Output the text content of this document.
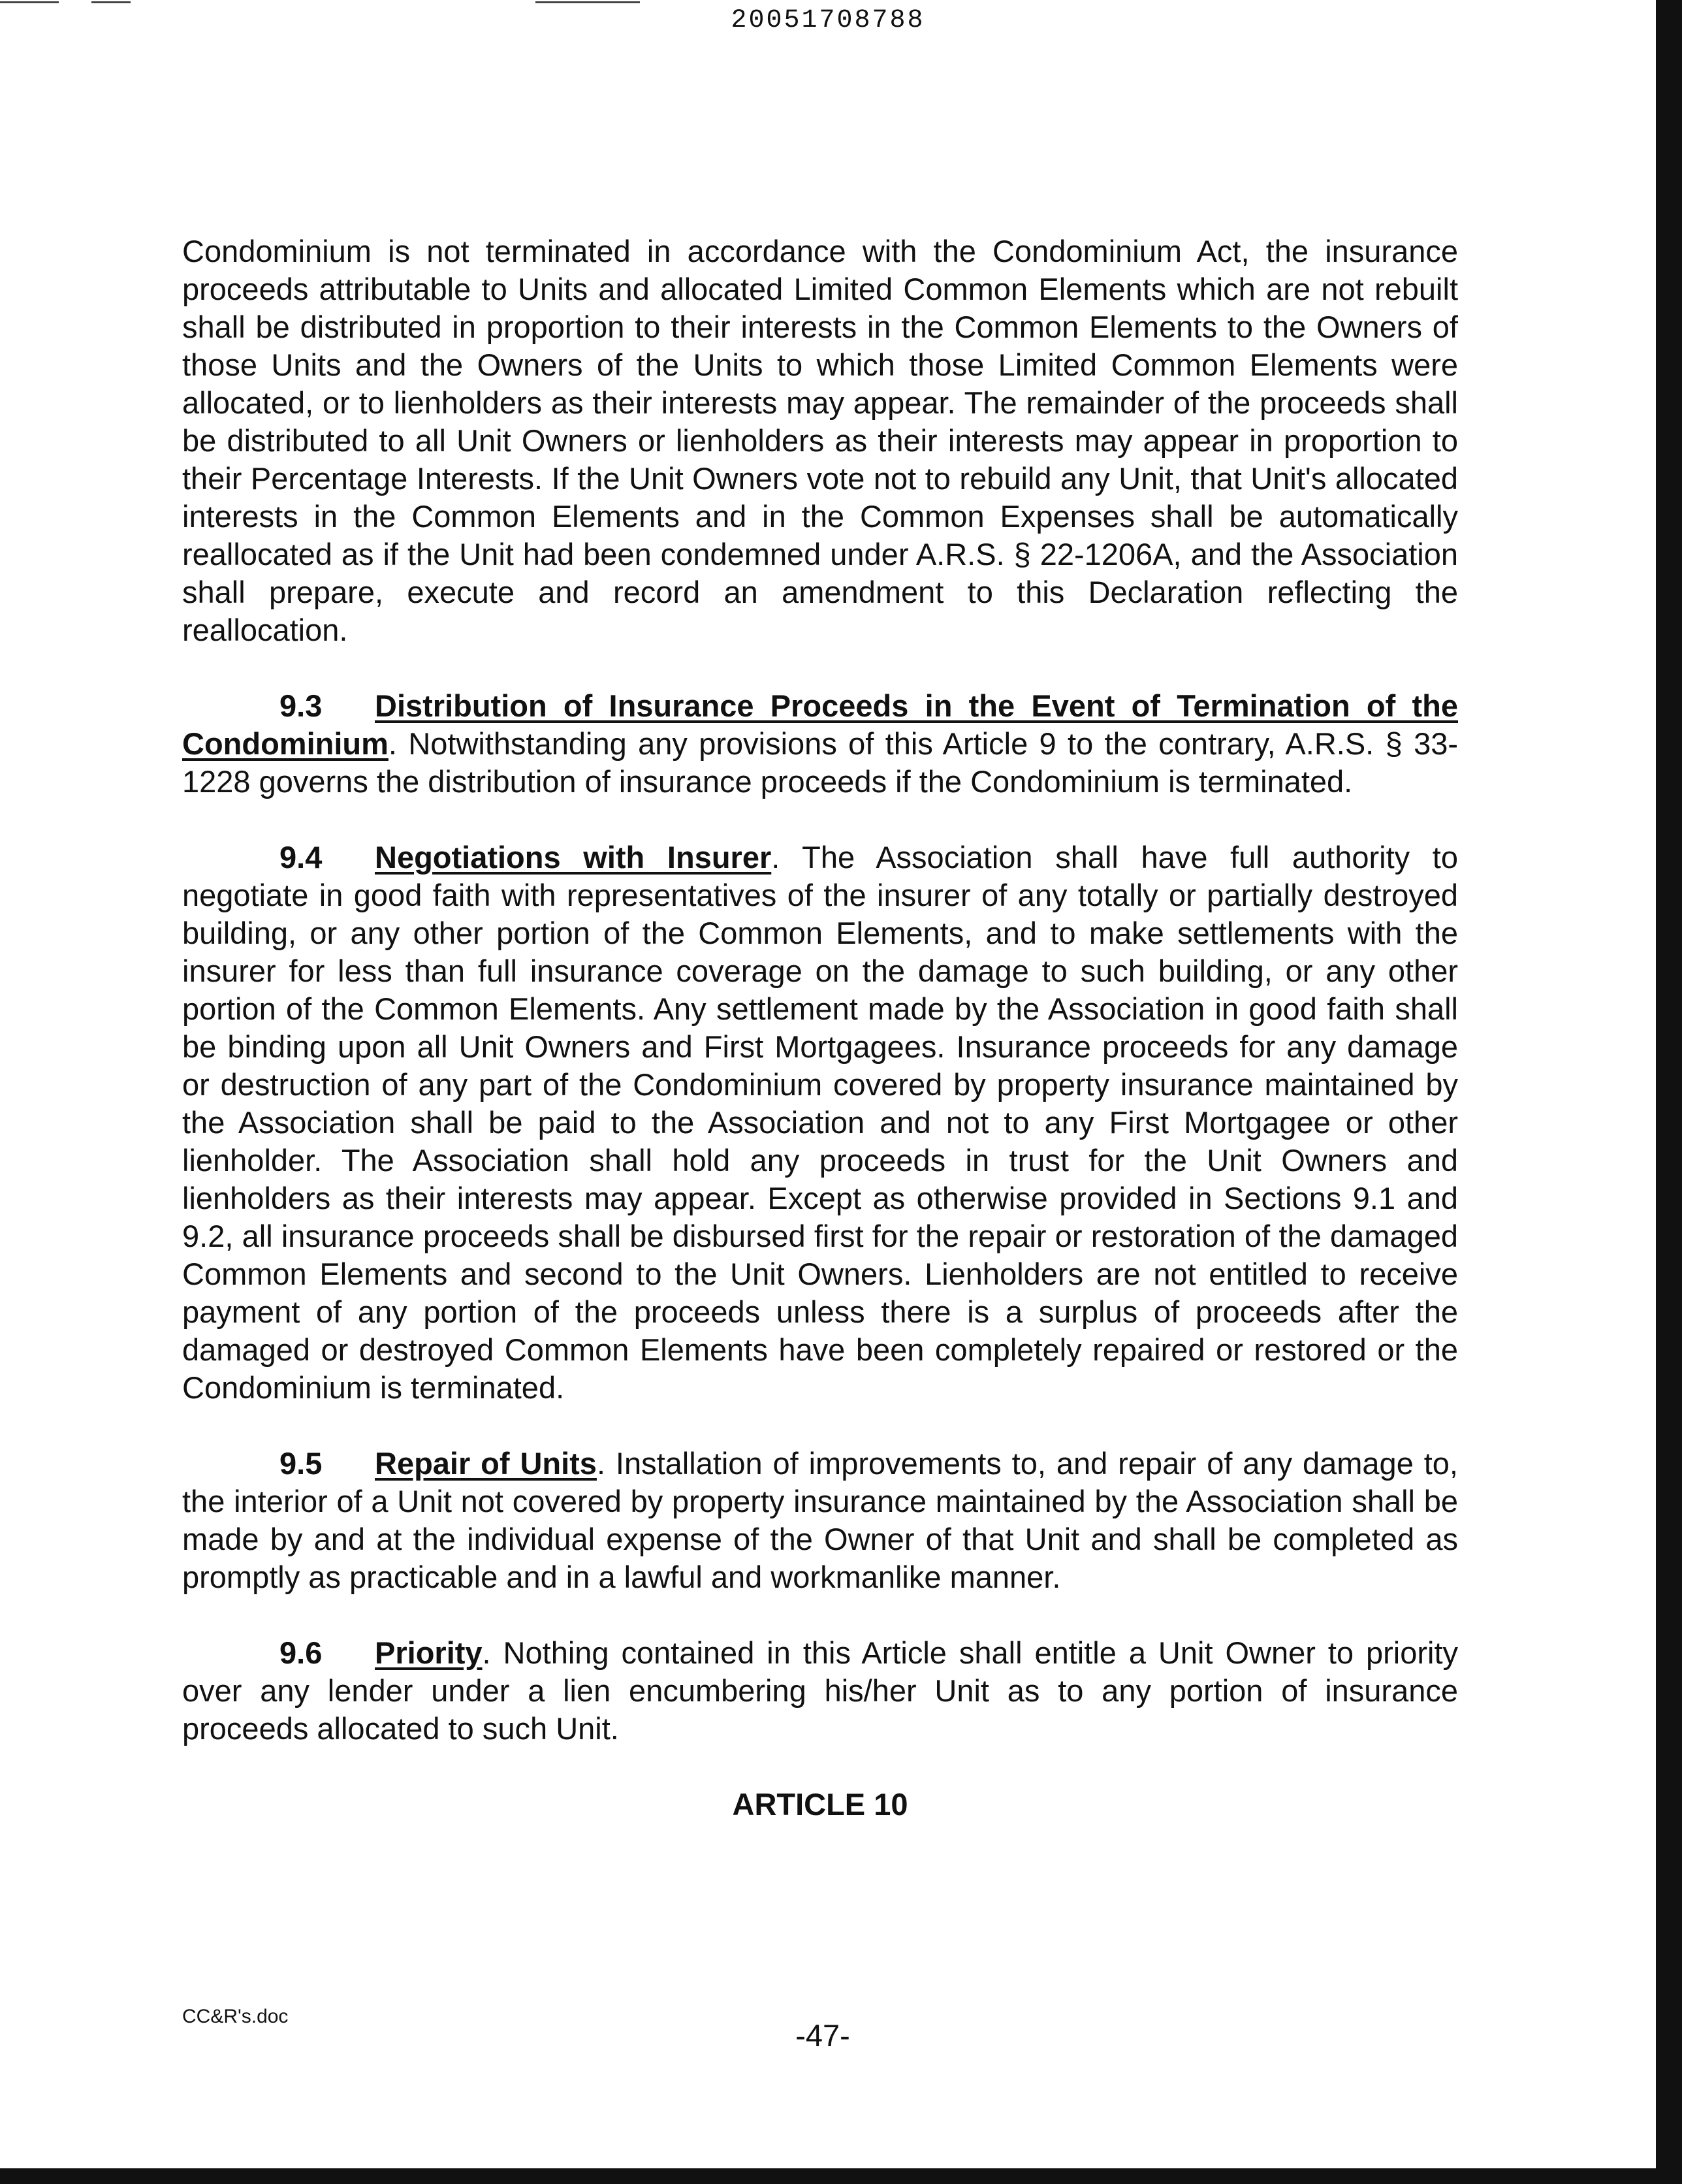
20051708788

Condominium is not terminated in accordance with the Condominium Act, the insurance proceeds attributable to Units and allocated Limited Common Elements which are not rebuilt shall be distributed in proportion to their interests in the Common Elements to the Owners of those Units and the Owners of the Units to which those Limited Common Elements were allocated, or to lienholders as their interests may appear. The remainder of the proceeds shall be distributed to all Unit Owners or lienholders as their interests may appear in proportion to their Percentage Interests. If the Unit Owners vote not to rebuild any Unit, that Unit's allocated interests in the Common Elements and in the Common Expenses shall be automatically reallocated as if the Unit had been condemned under A.R.S. § 22-1206A, and the Association shall prepare, execute and record an amendment to this Declaration reflecting the reallocation.

9.3 Distribution of Insurance Proceeds in the Event of Termination of the Condominium. Notwithstanding any provisions of this Article 9 to the contrary, A.R.S. § 33-1228 governs the distribution of insurance proceeds if the Condominium is terminated.

9.4 Negotiations with Insurer. The Association shall have full authority to negotiate in good faith with representatives of the insurer of any totally or partially destroyed building, or any other portion of the Common Elements, and to make settlements with the insurer for less than full insurance coverage on the damage to such building, or any other portion of the Common Elements. Any settlement made by the Association in good faith shall be binding upon all Unit Owners and First Mortgagees. Insurance proceeds for any damage or destruction of any part of the Condominium covered by property insurance maintained by the Association shall be paid to the Association and not to any First Mortgagee or other lienholder. The Association shall hold any proceeds in trust for the Unit Owners and lienholders as their interests may appear. Except as otherwise provided in Sections 9.1 and 9.2, all insurance proceeds shall be disbursed first for the repair or restoration of the damaged Common Elements and second to the Unit Owners. Lienholders are not entitled to receive payment of any portion of the proceeds unless there is a surplus of proceeds after the damaged or destroyed Common Elements have been completely repaired or restored or the Condominium is terminated.

9.5 Repair of Units. Installation of improvements to, and repair of any damage to, the interior of a Unit not covered by property insurance maintained by the Association shall be made by and at the individual expense of the Owner of that Unit and shall be completed as promptly as practicable and in a lawful and workmanlike manner.

9.6 Priority. Nothing contained in this Article shall entitle a Unit Owner to priority over any lender under a lien encumbering his/her Unit as to any portion of insurance proceeds allocated to such Unit.

ARTICLE 10

CC&R's.doc
-47-
